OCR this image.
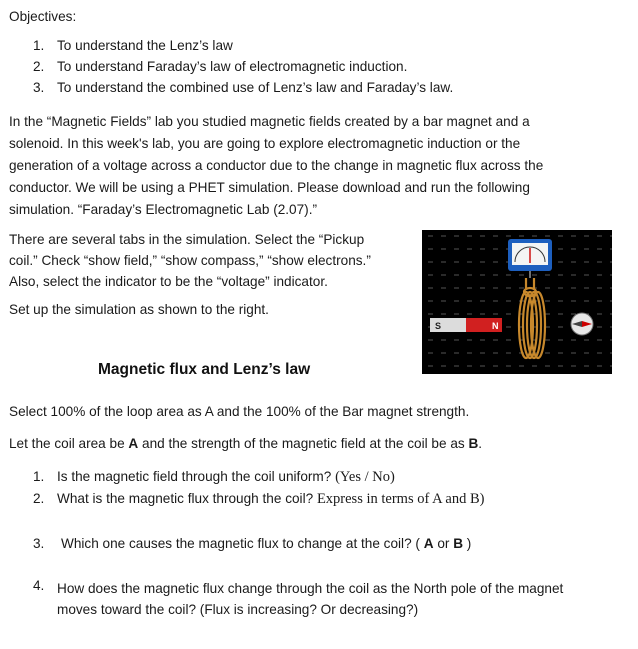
Objectives:
1. To understand the Lenz’s law
2. To understand Faraday’s law of electromagnetic induction.
3. To understand the combined use of Lenz’s law and Faraday’s law.
In the “Magnetic Fields” lab you studied magnetic fields created by a bar magnet and a
solenoid. In this week's lab, you are going to explore electromagnetic induction or the
generation of a voltage across a conductor due to the change in magnetic flux across the
conductor. We will be using a PHET simulation. Please download and run the following
simulation. “Faraday’s Electromagnetic Lab (2.07).”
There are several tabs in the simulation. Select the “Pickup
coil.” Check “show field,” “show compass,” “show electrons.”
Also, select the indicator to be the “voltage” indicator.
Set up the simulation as shown to the right.
S	N
Magnetic flux and Lenz’s law
Select 100% of the loop area as A and the 100% of the Bar magnet strength.
Let the coil area be A and the strength of the magnetic field at the coil be as B.
1. Is the magnetic field through the coil uniform? (Yes / No)
2. What is the magnetic flux through the coil? Express in terms of A and B)
3. Which one causes the magnetic flux to change at the coil? ( A or B )
4. How does the magnetic flux change through the coil as the North pole of the magnet
moves toward the coil? (Flux is increasing? Or decreasing?)
